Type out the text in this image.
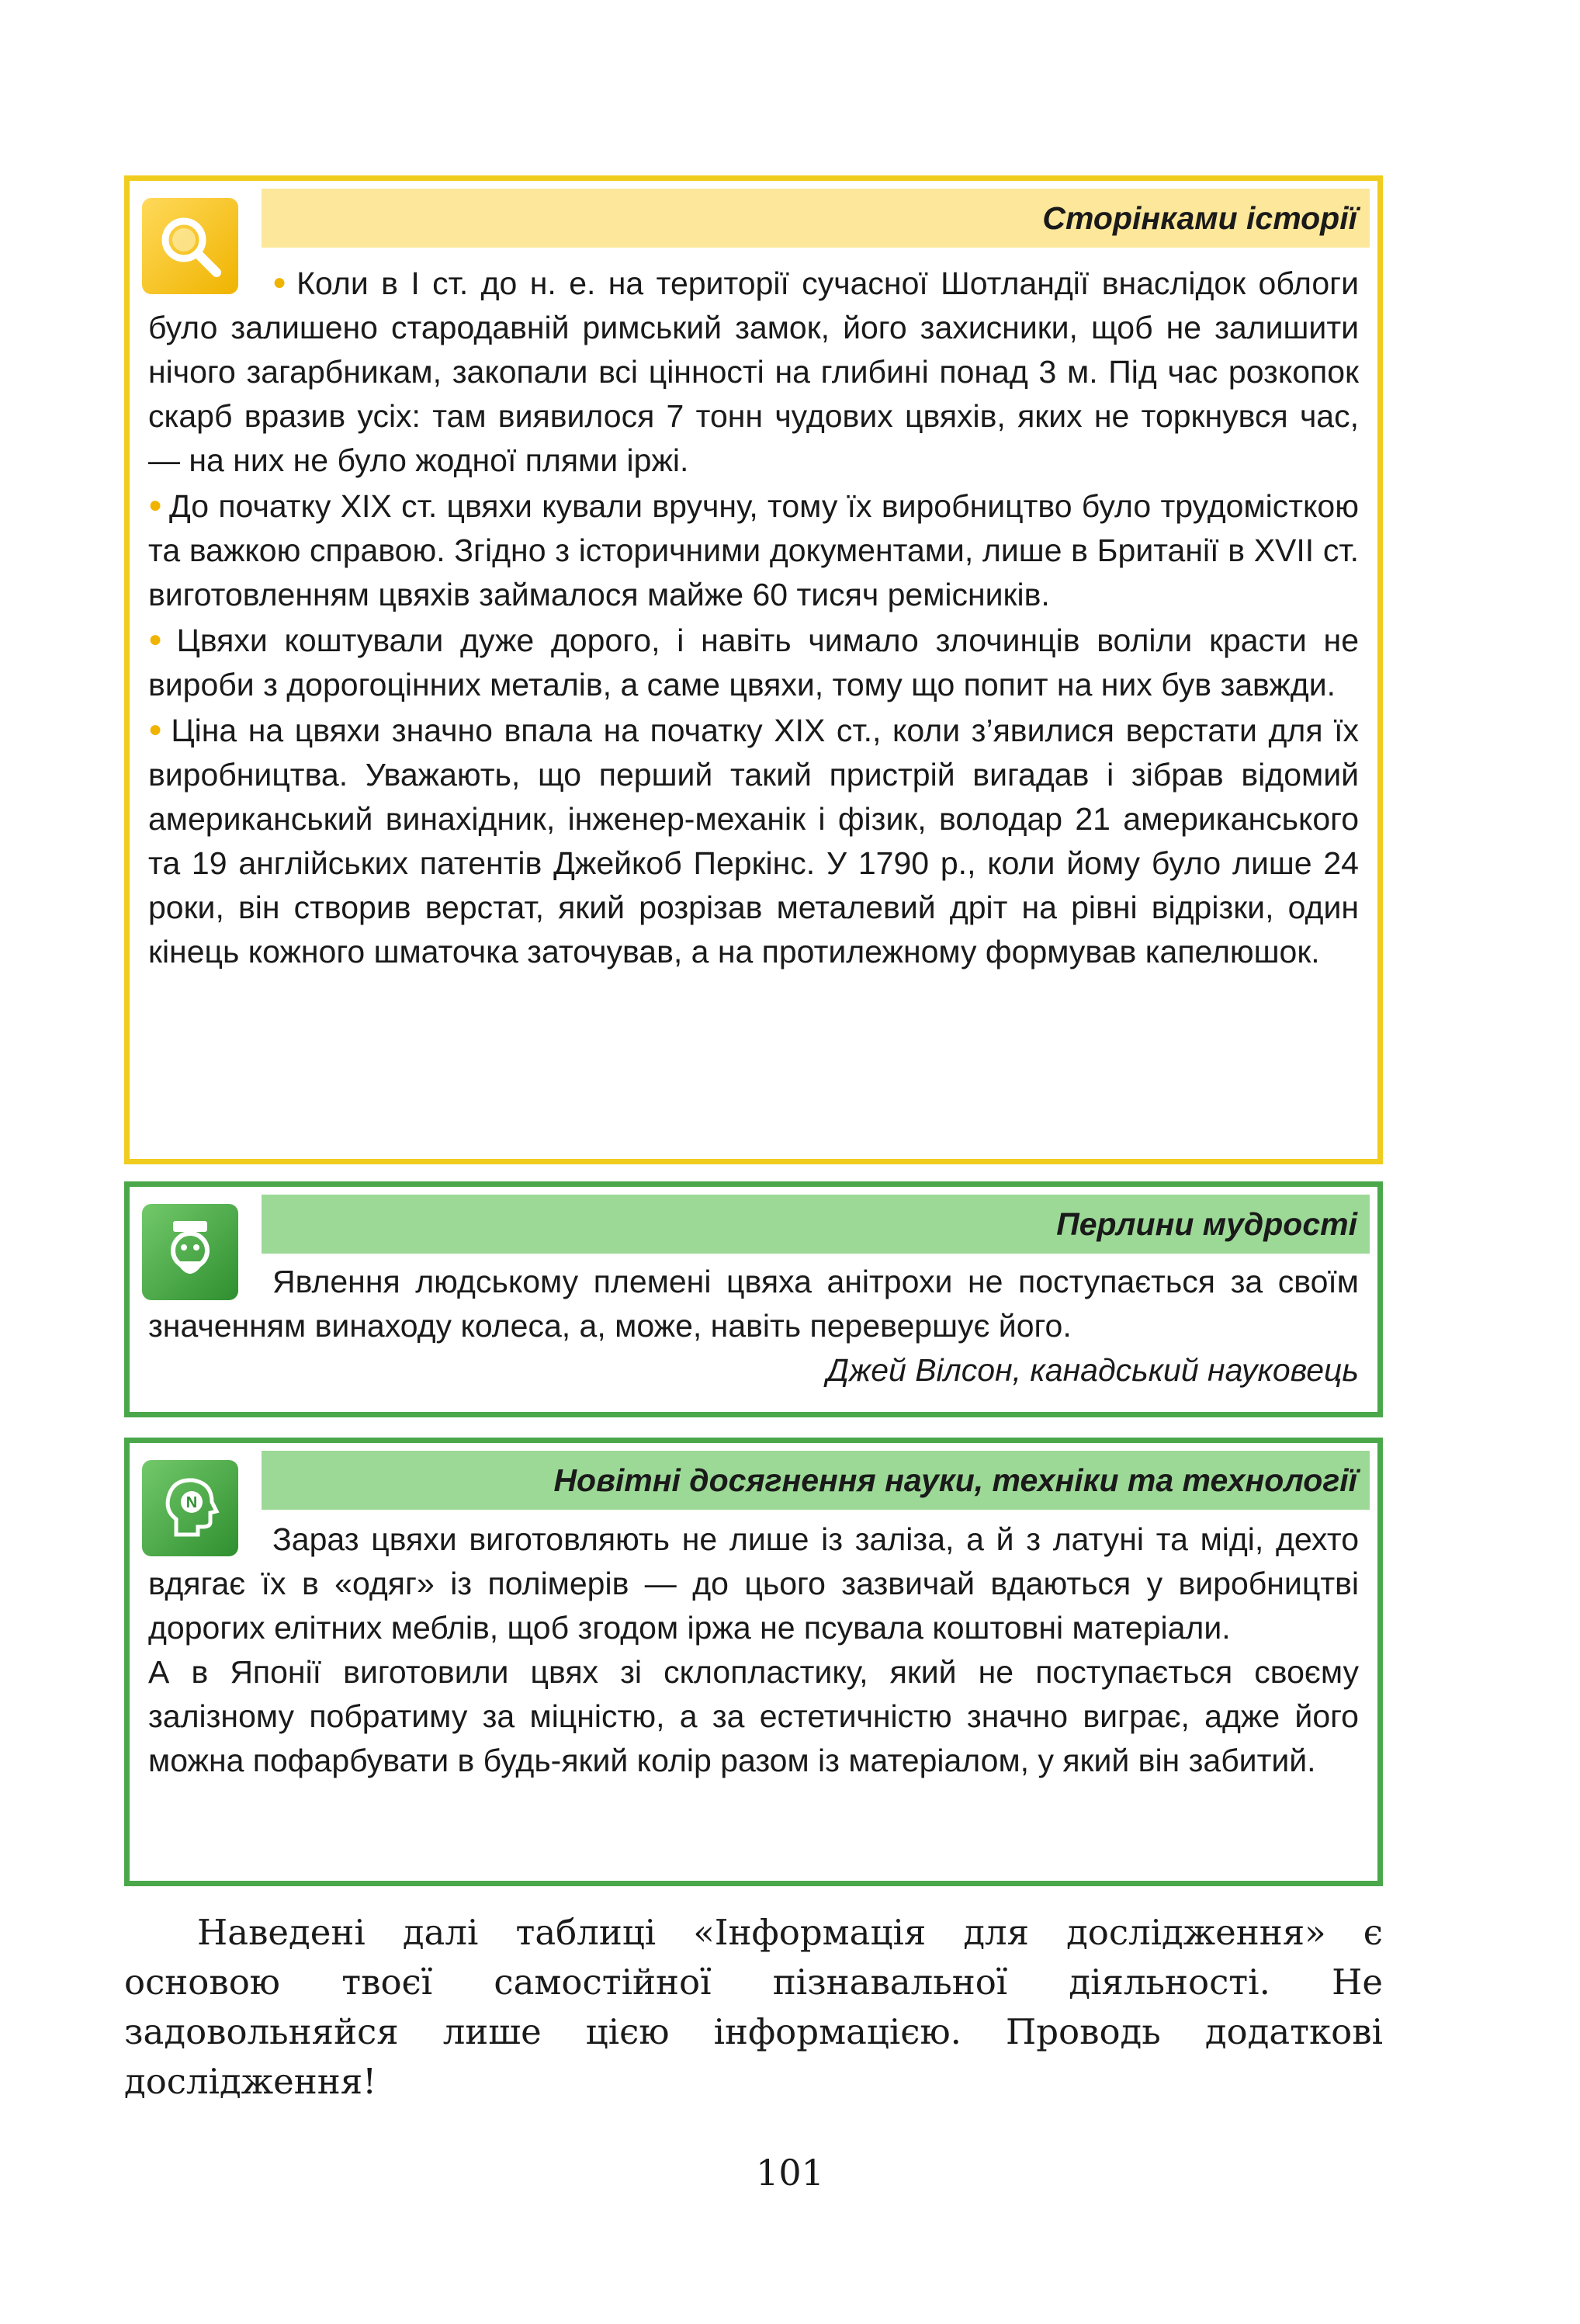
Сторінками історії

● Коли в І ст. до н. е. на території сучасної Шотландії внаслідок облоги було залишено стародавній римський замок, його захисники, щоб не залишити нічого загарбникам, закопали всі цінності на глибині понад 3 м. Під час розкопок скарб вразив усіх: там виявилося 7 тонн чудових цвяхів, яких не торкнувся час, — на них не було жодної плями іржі.

● До початку XIX ст. цвяхи кували вручну, тому їх виробництво було трудомісткою та важкою справою. Згідно з історичними документами, лише в Британії в XVII ст. виготовленням цвяхів займалося майже 60 тисяч ремісників.

● Цвяхи коштували дуже дорого, і навіть чимало злочинців воліли красти не вироби з дорогоцінних металів, а саме цвяхи, тому що попит на них був завжди.

● Ціна на цвяхи значно впала на початку XIX ст., коли з’явилися верстати для їх виробництва. Уважають, що перший такий пристрій вигадав і зібрав відомий американський винахідник, інженер-механік і фізик, володар 21 американського та 19 англійських патентів Джейкоб Перкінс. У 1790 р., коли йому було лише 24 роки, він створив верстат, який розрізав металевий дріт на рівні відрізки, один кінець кожного шматочка заточував, а на протилежному формував капелюшок.

Перлини мудрості

Явлення людському племені цвяха анітрохи не поступається за своїм значенням винаходу колеса, а, може, навіть перевершує його.

Джей Вілсон, канадський науковець

N
Новітні досягнення науки, техніки та технології

Зараз цвяхи виготовляють не лише із заліза, а й з латуні та міді, дехто вдягає їх в «одяг» із полімерів — до цього зазвичай вдаються у виробництві дорогих елітних меблів, щоб згодом іржа не псувала коштовні матеріали.

А в Японії виготовили цвях зі склопластику, який не поступається своєму залізному побратиму за міцністю, а за естетичністю значно виграє, адже його можна пофарбувати в будь-який колір разом із матеріалом, у який він забитий.

Наведені далі таблиці «Інформація для дослідження» є основою твоєї самостійної пізнавальної діяльності. Не задовольняйся лише цією інформацією. Проводь додаткові дослідження!

101
